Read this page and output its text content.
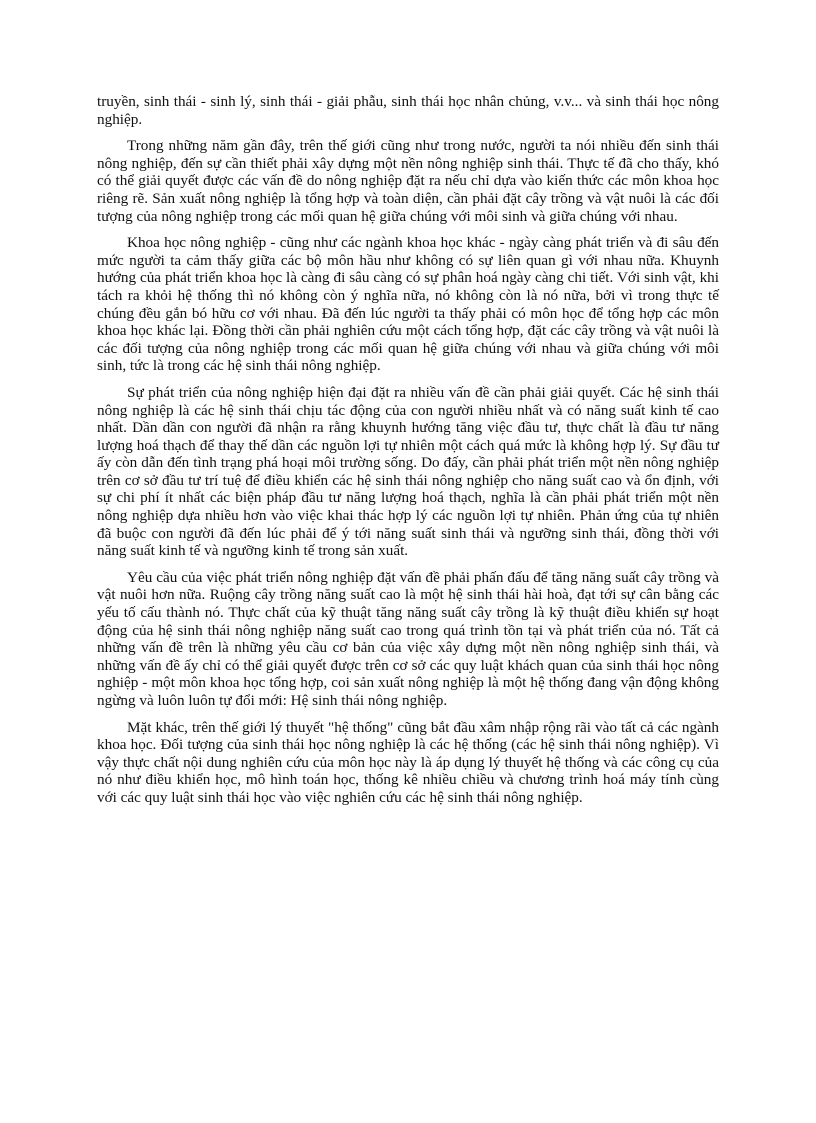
truyền, sinh thái - sinh lý, sinh thái - giải phẫu, sinh thái học nhân chủng, v.v... và sinh thái học nông nghiệp.

Trong những năm gần đây, trên thế giới cũng như trong nước, người ta nói nhiều đến sinh thái nông nghiệp, đến sự cần thiết phải xây dựng một nền nông nghiệp sinh thái. Thực tế đã cho thấy, khó có thể giải quyết được các vấn đề do nông nghiệp đặt ra nếu chỉ dựa vào kiến thức các môn khoa học riêng rẽ. Sản xuất nông nghiệp là tổng hợp và toàn diện, cần phải đặt cây trồng và vật nuôi là các đối tượng của nông nghiệp trong các mối quan hệ giữa chúng với môi sinh và giữa chúng với nhau.

Khoa học nông nghiệp - cũng như các ngành khoa học khác - ngày càng phát triển và đi sâu đến mức người ta cảm thấy giữa các bộ môn hầu như không có sự liên quan gì với nhau nữa. Khuynh hướng của phát triển khoa học là càng đi sâu càng có sự phân hoá ngày càng chi tiết. Với sinh vật, khi tách ra khỏi hệ thống thì nó không còn ý nghĩa nữa, nó không còn là nó nữa, bởi vì trong thực tế chúng đều gắn bó hữu cơ với nhau. Đã đến lúc người ta thấy phải có môn học để tổng hợp các môn khoa học khác lại. Đồng thời cần phải nghiên cứu một cách tổng hợp, đặt các cây trồng và vật nuôi là các đối tượng của nông nghiệp trong các mối quan hệ giữa chúng với nhau và giữa chúng với môi sinh, tức là trong các hệ sinh thái nông nghiệp.

Sự phát triển của nông nghiệp hiện đại đặt ra nhiều vấn đề cần phải giải quyết. Các hệ sinh thái nông nghiệp là các hệ sinh thái chịu tác động của con người nhiều nhất và có năng suất kinh tế cao nhất. Dần dần con người đã nhận ra rằng khuynh hướng tăng việc đầu tư, thực chất là đầu tư năng lượng hoá thạch để thay thế dần các nguồn lợi tự nhiên một cách quá mức là không hợp lý. Sự đầu tư ấy còn dẫn đến tình trạng phá hoại môi trường sống. Do đấy, cần phải phát triển một nền nông nghiệp trên cơ sở đầu tư trí tuệ để điều khiển các hệ sinh thái nông nghiệp cho năng suất cao và ổn định, với sự chi phí ít nhất các biện pháp đầu tư năng lượng hoá thạch, nghĩa là cần phải phát triển một nền nông nghiệp dựa nhiều hơn vào việc khai thác hợp lý các nguồn lợi tự nhiên. Phản ứng của tự nhiên đã buộc con người đã đến lúc phải để ý tới năng suất sinh thái và ngưỡng sinh thái, đồng thời với năng suất kinh tế và ngưỡng kinh tế trong sản xuất.

Yêu cầu của việc phát triển nông nghiệp đặt vấn đề phải phấn đấu để tăng năng suất cây trồng và vật nuôi hơn nữa. Ruộng cây trồng năng suất cao là một hệ sinh thái hài hoà, đạt tới sự cân bằng các yếu tố cấu thành nó. Thực chất của kỹ thuật tăng năng suất cây trồng là kỹ thuật điều khiển sự hoạt động của hệ sinh thái nông nghiệp năng suất cao trong quá trình tồn tại và phát triển của nó. Tất cả những vấn đề trên là những yêu cầu cơ bản của việc xây dựng một nền nông nghiệp sinh thái, và những vấn đề ấy chỉ có thể giải quyết được trên cơ sở các quy luật khách quan của sinh thái học nông nghiệp - một môn khoa học tổng hợp, coi sản xuất nông nghiệp là một hệ thống đang vận động không ngừng và luôn luôn tự đổi mới: Hệ sinh thái nông nghiệp.

Mặt khác, trên thế giới lý thuyết "hệ thống" cũng bắt đầu xâm nhập rộng rãi vào tất cả các ngành khoa học. Đối tượng của sinh thái học nông nghiệp là các hệ thống (các hệ sinh thái nông nghiệp). Vì vậy thực chất nội dung nghiên cứu của môn học này là áp dụng lý thuyết hệ thống và các công cụ của nó như điều khiển học, mô hình toán học, thống kê nhiều chiều và chương trình hoá máy tính cùng với các quy luật sinh thái học vào việc nghiên cứu các hệ sinh thái nông nghiệp.
